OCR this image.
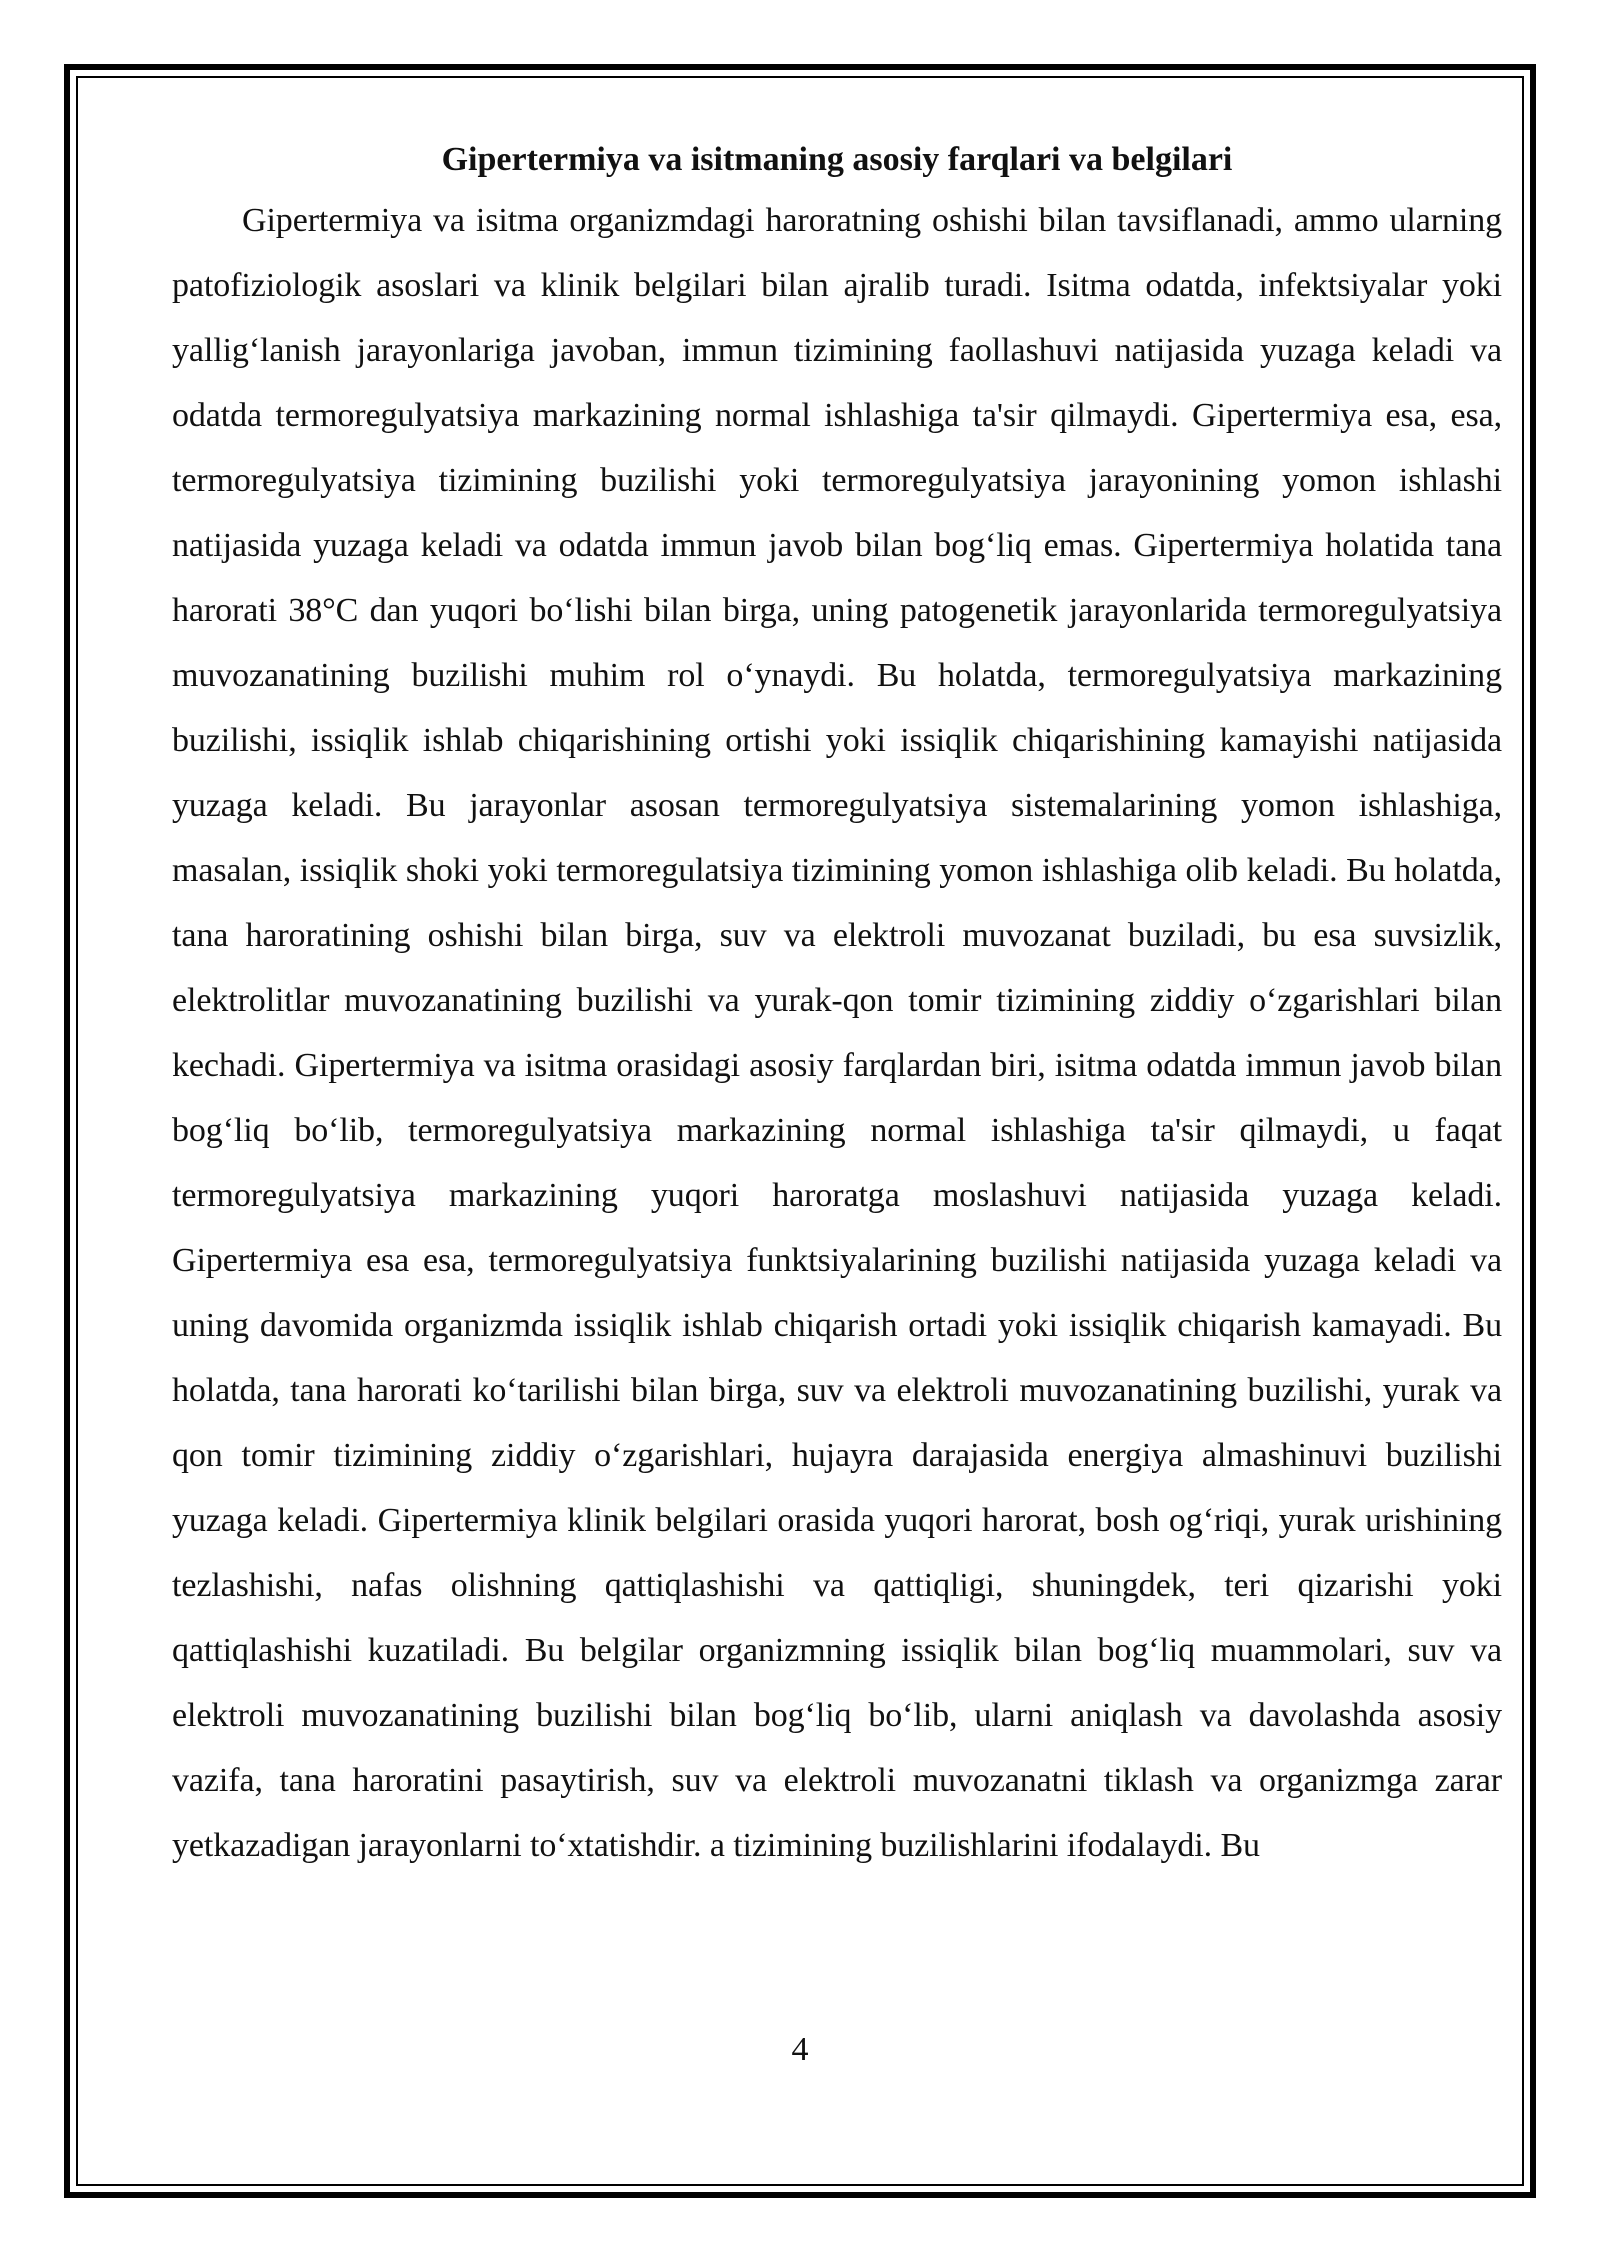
Gipertermiya va isitmaning asosiy farqlari va belgilari

Gipertermiya va isitma organizmdagi haroratning oshishi bilan tavsiflanadi, ammo ularning patofiziologik asoslari va klinik belgilari bilan ajralib turadi. Isitma odatda, infektsiyalar yoki yallig‘lanish jarayonlariga javoban, immun tizimining faollashuvi natijasida yuzaga keladi va odatda termoregulyatsiya markazining normal ishlashiga ta'sir qilmaydi. Gipertermiya esa, esa, termoregulyatsiya tizimining buzilishi yoki termoregulyatsiya jarayonining yomon ishlashi natijasida yuzaga keladi va odatda immun javob bilan bog‘liq emas. Gipertermiya holatida tana harorati 38°C dan yuqori bo‘lishi bilan birga, uning patogenetik jarayonlarida termoregulyatsiya muvozanatining buzilishi muhim rol o‘ynaydi. Bu holatda, termoregulyatsiya markazining buzilishi, issiqlik ishlab chiqarishining ortishi yoki issiqlik chiqarishining kamayishi natijasida yuzaga keladi. Bu jarayonlar asosan termoregulyatsiya sistemalarining yomon ishlashiga, masalan, issiqlik shoki yoki termoregulatsiya tizimining yomon ishlashiga olib keladi. Bu holatda, tana haroratining oshishi bilan birga, suv va elektroli muvozanat buziladi, bu esa suvsizlik, elektrolitlar muvozanatining buzilishi va yurak-qon tomir tizimining ziddiy o‘zgarishlari bilan kechadi. Gipertermiya va isitma orasidagi asosiy farqlardan biri, isitma odatda immun javob bilan bog‘liq bo‘lib, termoregulyatsiya markazining normal ishlashiga ta'sir qilmaydi, u faqat termoregulyatsiya markazining yuqori haroratga moslashuvi natijasida yuzaga keladi. Gipertermiya esa esa, termoregulyatsiya funktsiyalarining buzilishi natijasida yuzaga keladi va uning davomida organizmda issiqlik ishlab chiqarish ortadi yoki issiqlik chiqarish kamayadi. Bu holatda, tana harorati ko‘tarilishi bilan birga, suv va elektroli muvozanatining buzilishi, yurak va qon tomir tizimining ziddiy o‘zgarishlari, hujayra darajasida energiya almashinuvi buzilishi yuzaga keladi. Gipertermiya klinik belgilari orasida yuqori harorat, bosh og‘riqi, yurak urishining tezlashishi, nafas olishning qattiqlashishi va qattiqligi, shuningdek, teri qizarishi yoki qattiqlashishi kuzatiladi. Bu belgilar organizmning issiqlik bilan bog‘liq muammolari, suv va elektroli muvozanatining buzilishi bilan bog‘liq bo‘lib, ularni aniqlash va davolashda asosiy vazifa, tana haroratini pasaytirish, suv va elektroli muvozanatni tiklash va organizmga zarar yetkazadigan jarayonlarni to‘xtatishdir. a tizimining buzilishlarini ifodalaydi. Bu

4
